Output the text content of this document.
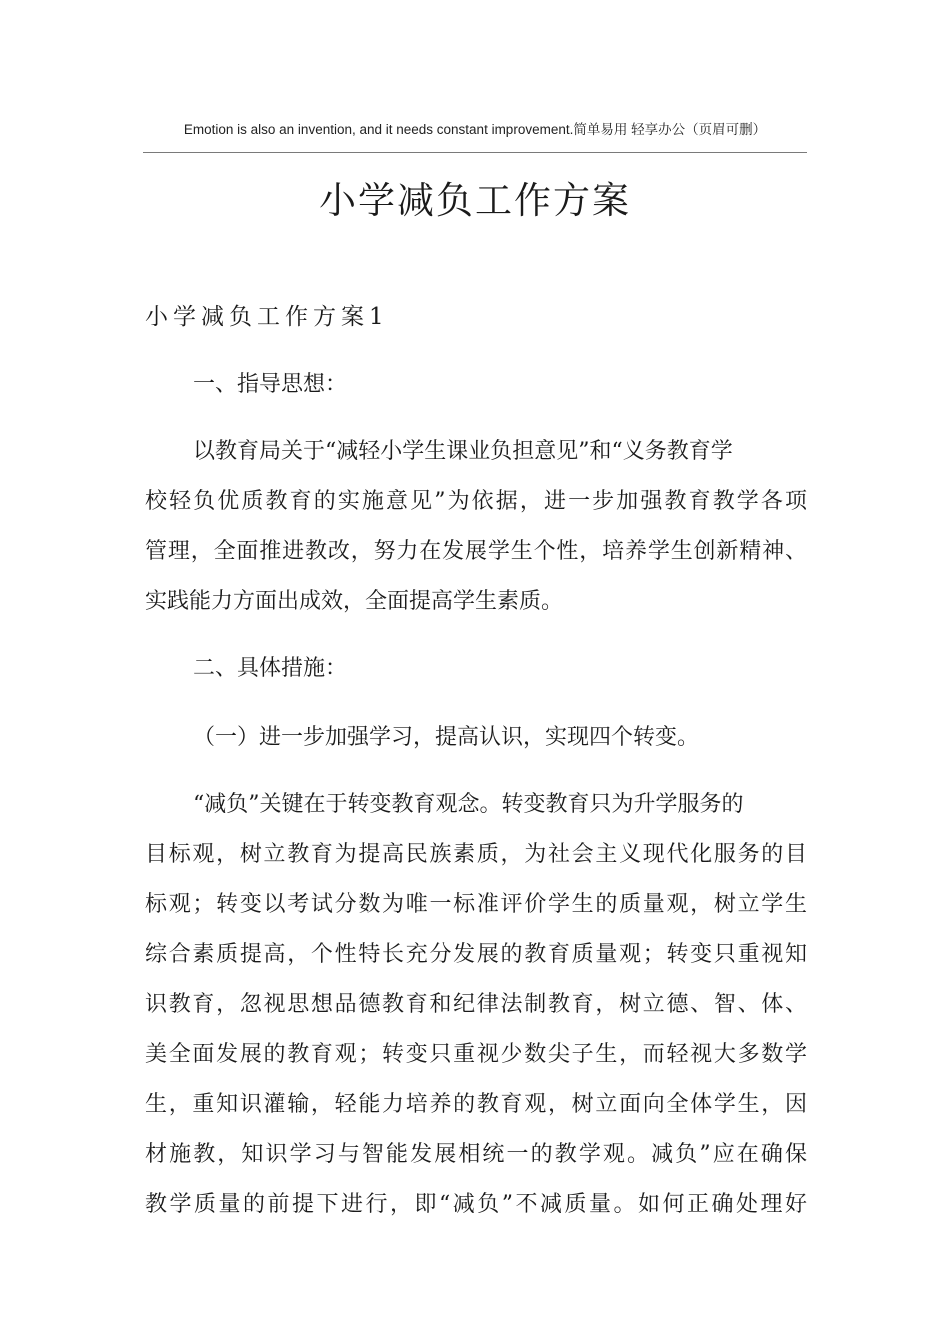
Emotion is also an invention, and it needs constant improvement.简单易用 轻享办公（页眉可删）
小学减负工作方案
小学减负工作方案1
一、指导思想：
以教育局关于“减轻小学生课业负担意见”和“义务教育学
校轻负优质教育的实施意见”为依据，进一步加强教育教学各项
管理，全面推进教改，努力在发展学生个性，培养学生创新精神、
实践能力方面出成效，全面提高学生素质。
二、具体措施：
（一）进一步加强学习，提高认识，实现四个转变。
“减负”关键在于转变教育观念。转变教育只为升学服务的
目标观，树立教育为提高民族素质，为社会主义现代化服务的目
标观；转变以考试分数为唯一标准评价学生的质量观，树立学生
综合素质提高，个性特长充分发展的教育质量观；转变只重视知
识教育，忽视思想品德教育和纪律法制教育，树立德、智、体、
美全面发展的教育观；转变只重视少数尖子生，而轻视大多数学
生，重知识灌输，轻能力培养的教育观，树立面向全体学生，因
材施教，知识学习与智能发展相统一的教学观。减负”应在确保
教学质量的前提下进行，即“减负”不减质量。如何正确处理好
